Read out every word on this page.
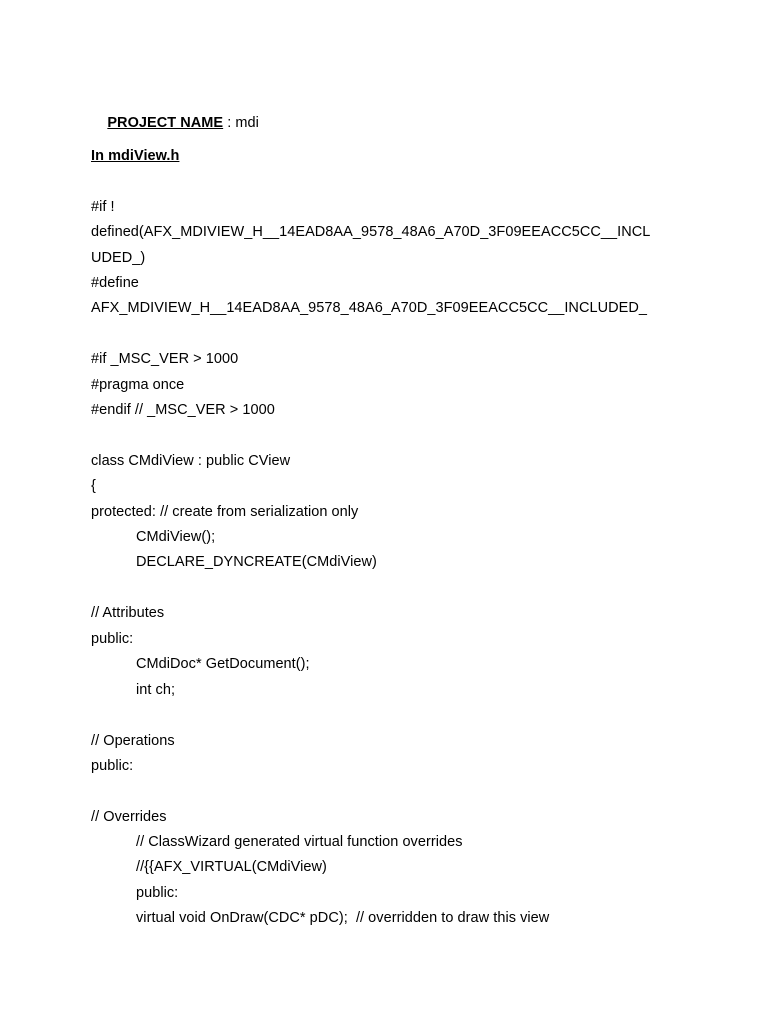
PROJECT NAME : mdi

In mdiView.h
#if !
defined(AFX_MDIVIEW_H__14EAD8AA_9578_48A6_A70D_3F09EEACC5CC__INCL
UDED_)
#define
AFX_MDIVIEW_H__14EAD8AA_9578_48A6_A70D_3F09EEACC5CC__INCLUDED_
#if _MSC_VER > 1000
#pragma once
#endif // _MSC_VER > 1000
class CMdiView : public CView
{
protected: // create from serialization only
CMdiView();
DECLARE_DYNCREATE(CMdiView)
// Attributes
public:
CMdiDoc* GetDocument();
int ch;
// Operations
public:
// Overrides
// ClassWizard generated virtual function overrides
//{{AFX_VIRTUAL(CMdiView)
public:
virtual void OnDraw(CDC* pDC);  // overridden to draw this view
